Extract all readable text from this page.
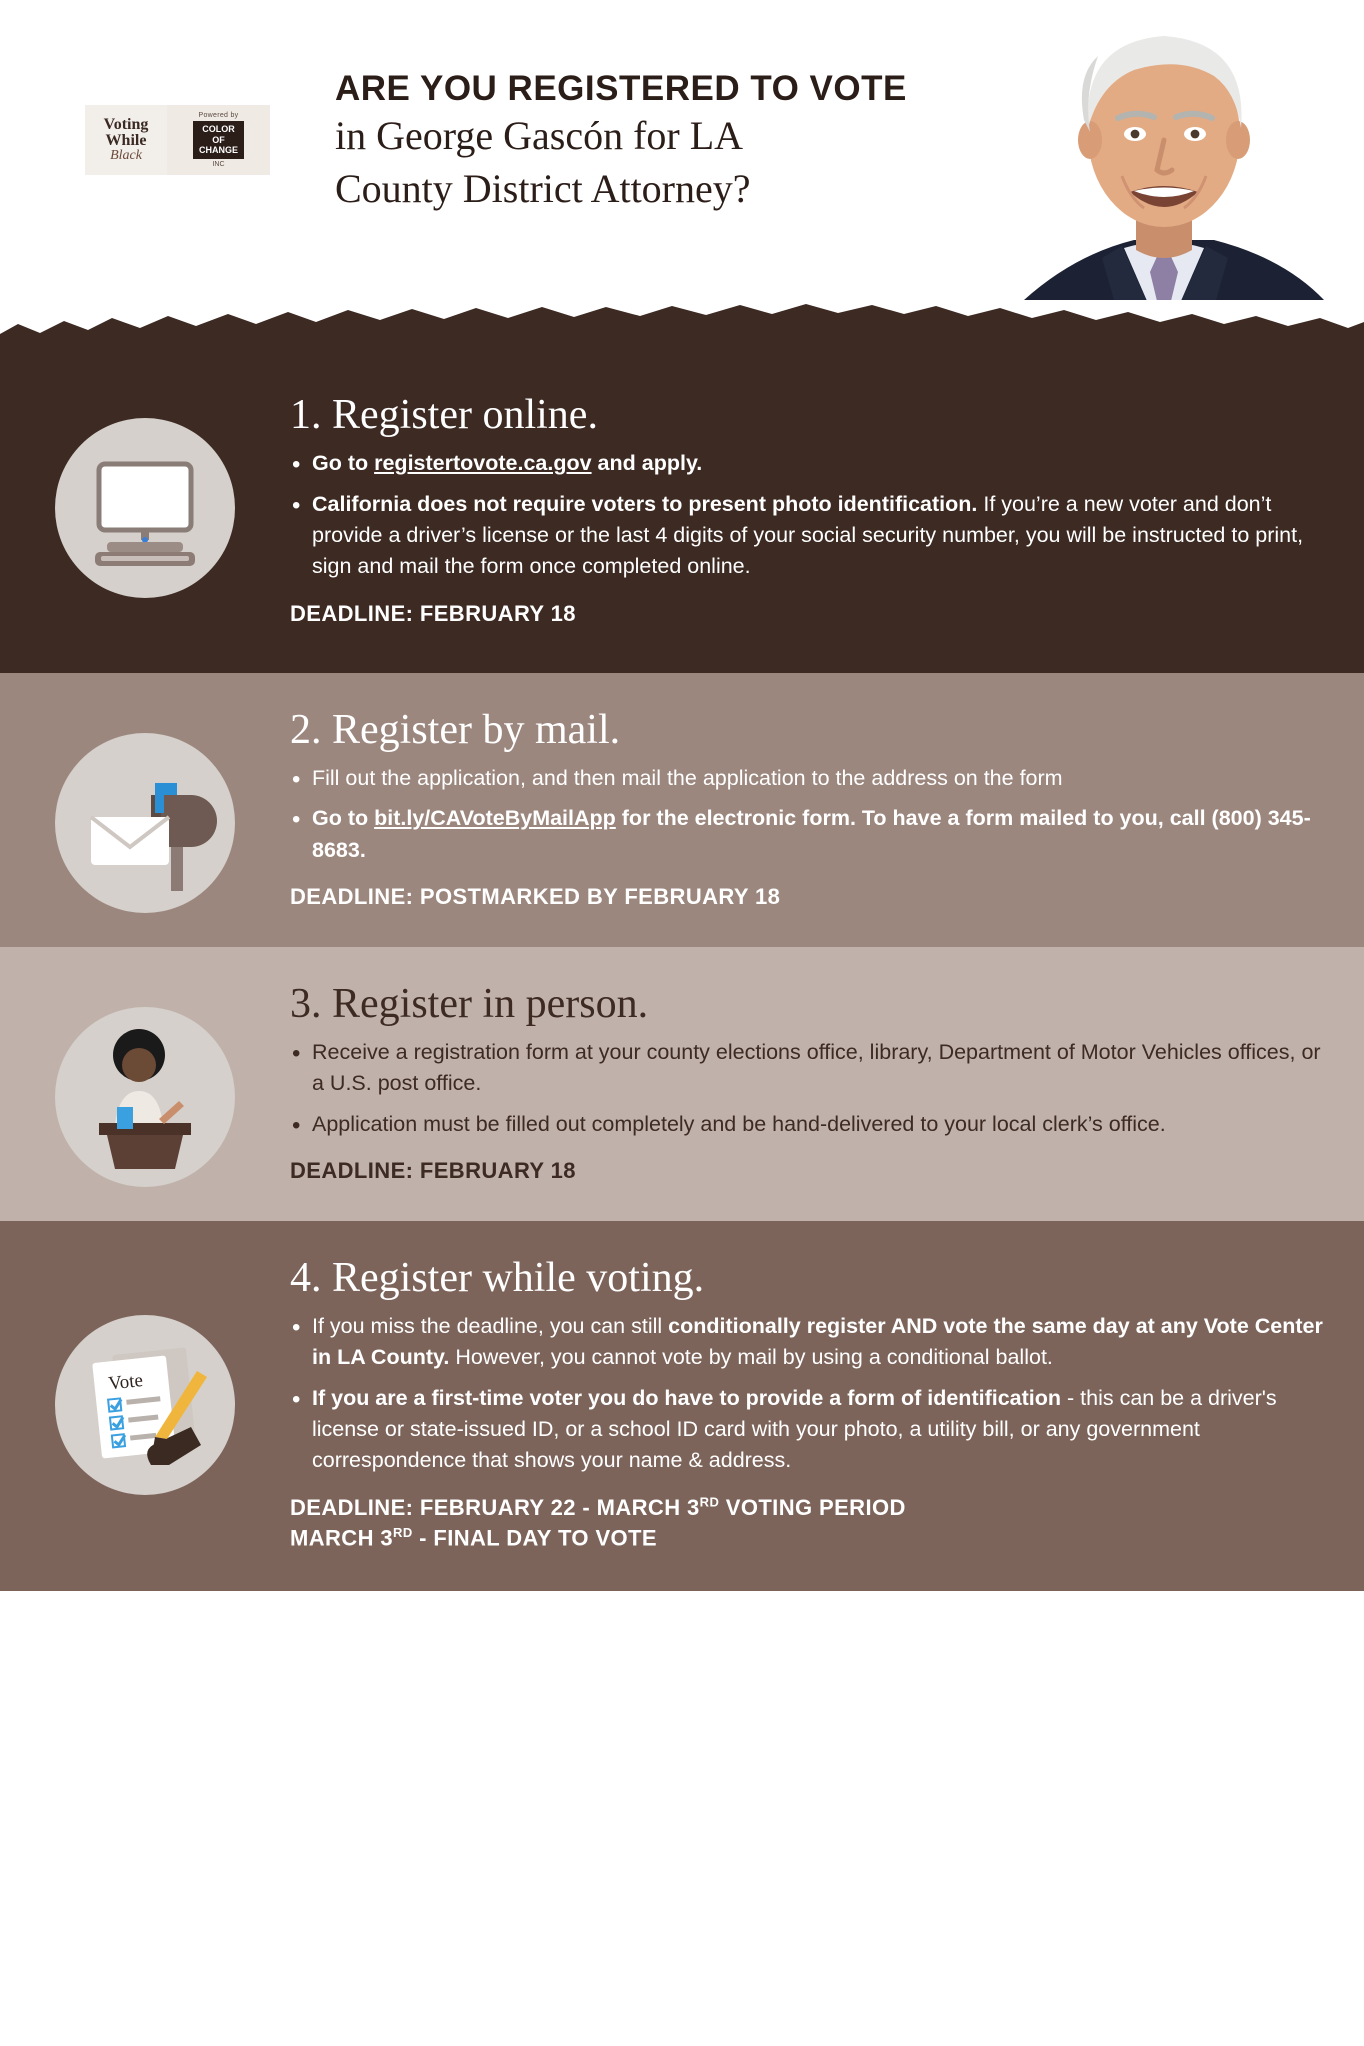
Voting
While
Black
Powered by
COLOR
OF
CHANGE
INC
ARE YOU REGISTERED TO VOTE
in George Gascón for LA
County District Attorney?
1. Register online.
• Go to registertovote.ca.gov and apply.
• California does not require voters to present photo identification. If you’re a new voter and don’t provide a driver’s license or the last 4 digits of your social security number, you will be instructed to print, sign and mail the form once completed online.
DEADLINE: FEBRUARY 18
2. Register by mail.
• Fill out the application, and then mail the application to the address on the form
• Go to bit.ly/CAVoteByMailApp for the electronic form. To have a form mailed to you, call (800) 345-8683.
DEADLINE: POSTMARKED BY FEBRUARY 18
3. Register in person.
• Receive a registration form at your county elections office, library, Department of Motor Vehicles offices, or a U.S. post office.
• Application must be filled out completely and be hand-delivered to your local clerk’s office.
DEADLINE: FEBRUARY 18
Vote
4. Register while voting.
• If you miss the deadline, you can still conditionally register AND vote the same day at any Vote Center in LA County. However, you cannot vote by mail by using a conditional ballot.
• If you are a first-time voter you do have to provide a form of identification - this can be a driver's license or state-issued ID, or a school ID card with your photo, a utility bill, or any government correspondence that shows your name & address.
DEADLINE: FEBRUARY 22 - MARCH 3RD VOTING PERIOD
MARCH 3RD - FINAL DAY TO VOTE
